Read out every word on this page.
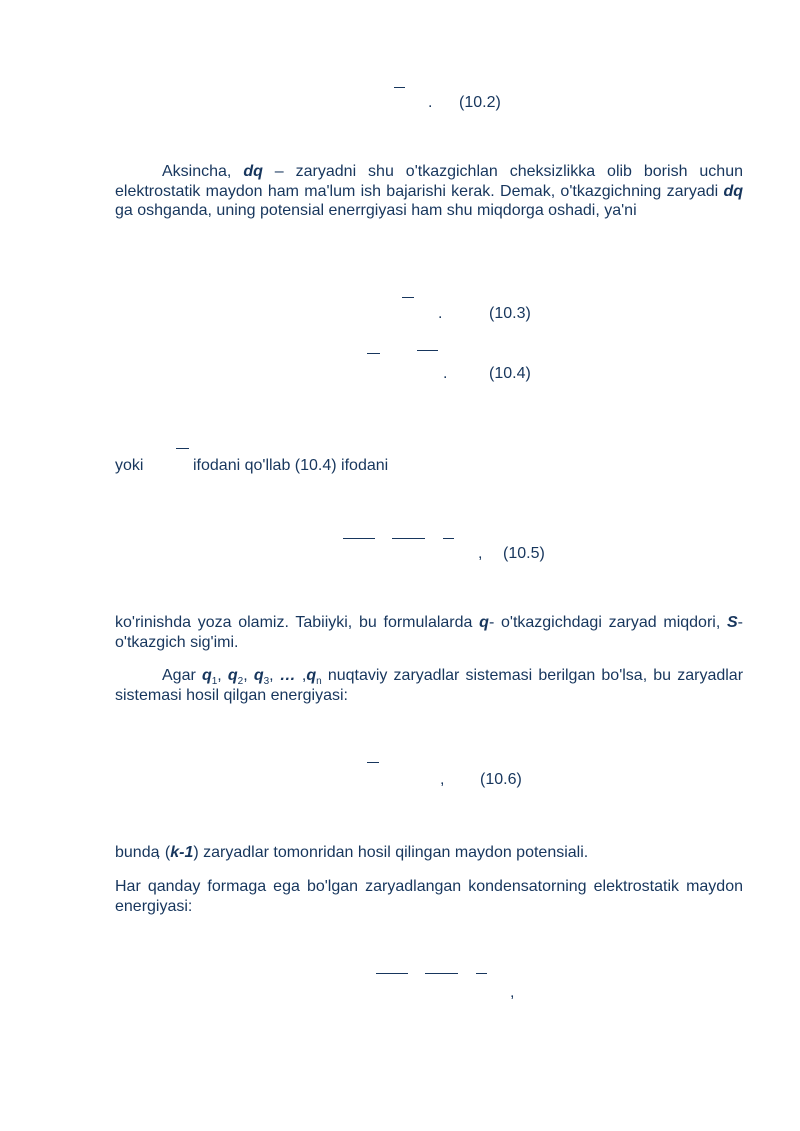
. (10.2)
Aksincha, dq – zaryadni shu o'tkazgichlan cheksizlikka olib borish uchun elektrostatik maydon ham ma'lum ish bajarishi kerak. Demak, o'tkazgichning zaryadi dq ga oshganda, uning potensial enerrgiyasi ham shu miqdorga oshadi, ya'ni
.	(10.3)
.	(10.4)
yoki	ifodani qo'llab (10.4) ifodani
, (10.5)
ko'rinishda yoza olamiz. Tabiiyki, bu formulalarda q- o'tkazgichdagi zaryad miqdori, S- o'tkazgich sig'imi.
Agar $q_1$, $q_2$, $q_3$, … $,q_n$ nuqtaviy zaryadlar sistemasi berilgan bo'lsa, bu zaryadlar sistemasi hosil qilgan energiyasi:
, (10.6)
bunda
, (k-1) zaryadlar tomonridan hosil qilingan maydon potensiali.
Har qanday formaga ega bo'lgan zaryadlangan kondensatorning elektrostatik maydon energiyasi:
,
